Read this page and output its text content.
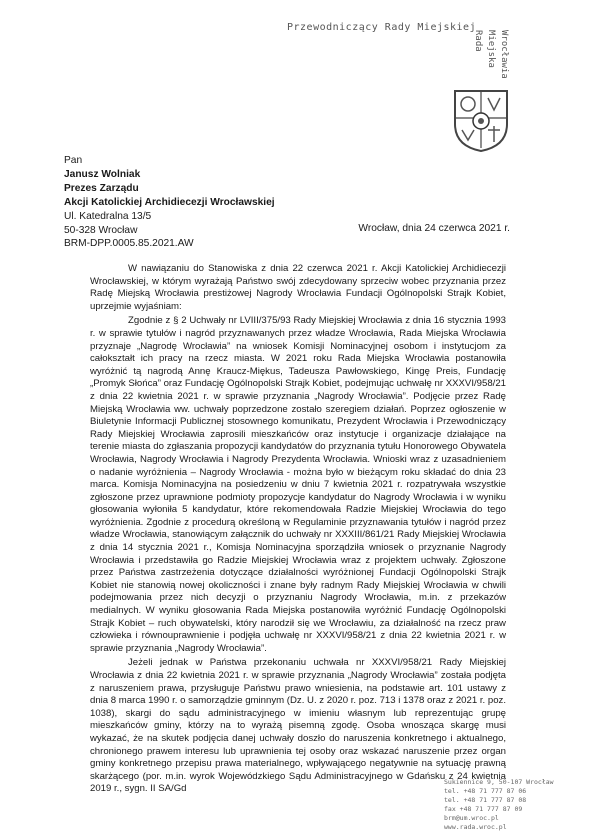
Przewodniczący Rady Miejskiej
Rada Miejska Wrocławia
Pan
Janusz Wolniak
Prezes Zarządu
Akcji Katolickiej Archidiecezji Wrocławskiej
Ul. Katedralna 13/5
50-328 Wrocław	Wrocław, dnia 24 czerwca 2021 r.
BRM-DPP.0005.85.2021.AW

W nawiązaniu do Stanowiska z dnia 22 czerwca 2021 r. Akcji Katolickiej Archidiecezji Wrocławskiej, w którym wyrażają Państwo swój zdecydowany sprzeciw wobec przyznania przez Radę Miejską Wrocławia prestiżowej Nagrody Wrocławia Fundacji Ogólnopolski Strajk Kobiet, uprzejmie wyjaśniam:

Zgodnie z § 2 Uchwały nr LVIII/375/93 Rady Miejskiej Wrocławia z dnia 16 stycznia 1993 r. w sprawie tytułów i nagród przyznawanych przez władze Wrocławia, Rada Miejska Wrocławia przyznaje „Nagrodę Wrocławia” na wniosek Komisji Nominacyjnej osobom i instytucjom za całokształt ich pracy na rzecz miasta. W 2021 roku Rada Miejska Wrocławia postanowiła wyróżnić tą nagrodą Annę Kraucz-Miękus, Tadeusza Pawłowskiego, Kingę Preis, Fundację „Promyk Słońca” oraz Fundację Ogólnopolski Strajk Kobiet, podejmując uchwałę nr XXXVI/958/21 z dnia 22 kwietnia 2021 r. w sprawie przyznania „Nagrody Wrocławia”. Podjęcie przez Radę Miejską Wrocławia ww. uchwały poprzedzone zostało szeregiem działań. Poprzez ogłoszenie w Biuletynie Informacji Publicznej stosownego komunikatu, Prezydent Wrocławia i Przewodniczący Rady Miejskiej Wrocławia zaprosili mieszkańców oraz instytucje i organizacje działające na terenie miasta do zgłaszania propozycji kandydatów do przyznania tytułu Honorowego Obywatela Wrocławia, Nagrody Wrocławia i Nagrody Prezydenta Wrocławia. Wnioski wraz z uzasadnieniem o nadanie wyróżnienia – Nagrody Wrocławia - można było w bieżącym roku składać do dnia 23 marca. Komisja Nominacyjna na posiedzeniu w dniu 7 kwietnia 2021 r. rozpatrywała wszystkie zgłoszone przez uprawnione podmioty propozycje kandydatur do Nagrody Wrocławia i w wyniku głosowania wyłoniła 5 kandydatur, które rekomendowała Radzie Miejskiej Wrocławia do tego wyróżnienia. Zgodnie z procedurą określoną w Regulaminie przyznawania tytułów i nagród przez władze Wrocławia, stanowiącym załącznik do uchwały nr XXXIII/861/21 Rady Miejskiej Wrocławia z dnia 14 stycznia 2021 r., Komisja Nominacyjna sporządziła wniosek o przyznanie Nagrody Wrocławia i przedstawiła go Radzie Miejskiej Wrocławia wraz z projektem uchwały. Zgłoszone przez Państwa zastrzeżenia dotyczące działalności wyróżnionej Fundacji Ogólnopolski Strajk Kobiet nie stanowią nowej okoliczności i znane były radnym Rady Miejskiej Wrocławia w chwili podejmowania przez nich decyzji o przyznaniu Nagrody Wrocławia, m.in. z przekazów medialnych. W wyniku głosowania Rada Miejska postanowiła wyróżnić Fundację Ogólnopolski Strajk Kobiet – ruch obywatelski, który narodził się we Wrocławiu, za działalność na rzecz praw człowieka i równouprawnienie i podjęła uchwałę nr XXXVI/958/21 z dnia 22 kwietnia 2021 r. w sprawie przyznania „Nagrody Wrocławia”.

Jeżeli jednak w Państwa przekonaniu uchwała nr XXXVI/958/21 Rady Miejskiej Wrocławia z dnia 22 kwietnia 2021 r. w sprawie przyznania „Nagrody Wrocławia” została podjęta z naruszeniem prawa, przysługuje Państwu prawo wniesienia, na podstawie art. 101 ustawy z dnia 8 marca 1990 r. o samorządzie gminnym (Dz. U. z 2020 r. poz. 713 i 1378 oraz z 2021 r. poz. 1038), skargi do sądu administracyjnego w imieniu własnym lub reprezentując grupę mieszkańców gminy, którzy na to wyrażą pisemną zgodę. Osoba wnosząca skargę musi wykazać, że na skutek podjęcia danej uchwały doszło do naruszenia konkretnego i aktualnego, chronionego prawem interesu lub uprawnienia tej osoby oraz wskazać naruszenie przez organ gminy konkretnego przepisu prawa materialnego, wpływającego negatywnie na sytuację prawną skarżącego (por. m.in. wyrok Wojewódzkiego Sądu Administracyjnego w Gdańsku z 24 kwietnia 2019 r., sygn. II SA/Gd

Sukiennice 9, 50-107 Wrocław
tel. +48 71 777 87 06
tel. +48 71 777 87 08
fax +48 71 777 87 09
brm@um.wroc.pl
www.rada.wroc.pl
